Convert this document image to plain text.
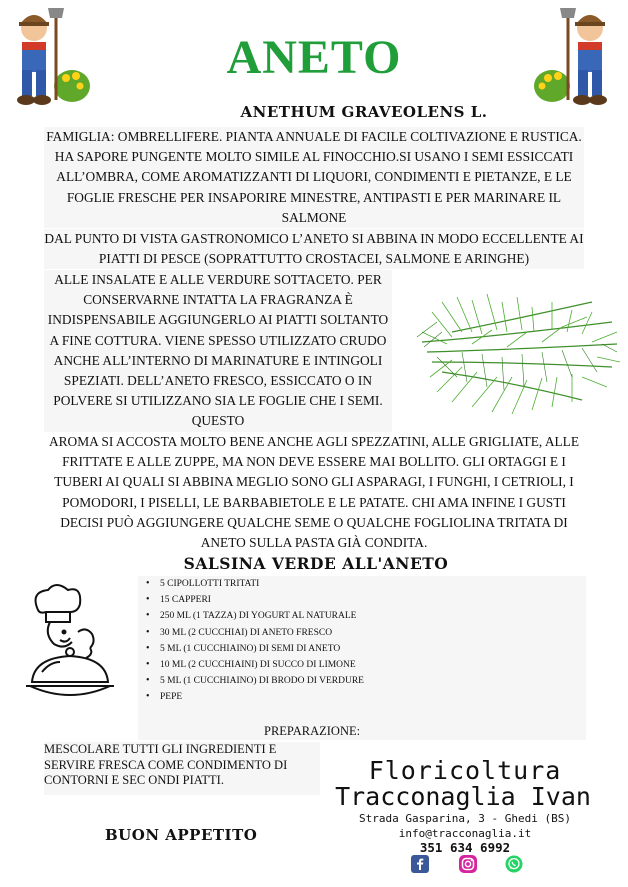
ANETO
ANETHUM GRAVEOLENS L.
FAMIGLIA: OMBRELLIFERE. PIANTA ANNUALE DI FACILE COLTIVAZIONE E RUSTICA. HA SAPORE PUNGENTE MOLTO SIMILE AL FINOCCHIO.SI USANO I SEMI ESSICCATI ALL’OMBRA, COME AROMATIZZANTI DI LIQUORI, CONDIMENTI E PIETANZE, E LE FOGLIE FRESCHE PER INSAPORIRE MINESTRE, ANTIPASTI E PER MARINARE IL SALMONE
DAL PUNTO DI VISTA GASTRONOMICO L’ANETO SI ABBINA IN MODO ECCELLENTE AI PIATTI DI PESCE (SOPRATTUTTO CROSTACEI, SALMONE E ARINGHE)
ALLE INSALATE E ALLE VERDURE SOTTACETO. PER CONSERVARNE INTATTA LA FRAGRANZA È INDISPENSABILE AGGIUNGERLO AI PIATTI SOLTANTO A FINE COTTURA. VIENE SPESSO UTILIZZATO CRUDO ANCHE ALL’INTERNO DI MARINATURE E INTINGOLI SPEZIATI. DELL’ANETO FRESCO, ESSICCATO O IN POLVERE SI UTILIZZANO SIA LE FOGLIE CHE I SEMI. QUESTO
AROMA SI ACCOSTA MOLTO BENE ANCHE AGLI SPEZZATINI, ALLE GRIGLIATE, ALLE FRITTATE E ALLE ZUPPE, MA NON DEVE ESSERE MAI BOLLITO. GLI ORTAGGI E I TUBERI AI QUALI SI ABBINA MEGLIO SONO GLI ASPARAGI, I FUNGHI, I CETRIOLI, I POMODORI, I PISELLI, LE BARBABIETOLE E LE PATATE. CHI AMA INFINE I GUSTI DECISI PUÒ AGGIUNGERE QUALCHE SEME O QUALCHE FOGLIOLINA TRITATA DI ANETO SULLA PASTA GIÀ CONDITA.
SALSINA VERDE ALL'ANETO
• 5 CIPOLLOTTI TRITATI
• 15 CAPPERI
• 250 ML (1 TAZZA) DI YOGURT AL NATURALE
• 30 ML (2 CUCCHIAI) DI ANETO FRESCO
• 5 ML (1 CUCCHIAINO) DI SEMI DI ANETO
• 10 ML (2 CUCCHIAINI) DI SUCCO DI LIMONE
• 5 ML (1 CUCCHIAINO) DI BRODO DI VERDURE
• PEPE
PREPARAZIONE:
MESCOLARE TUTTI GLI INGREDIENTI E SERVIRE FRESCA COME CONDIMENTO DI CONTORNI E SEC ONDI PIATTI.
BUON APPETITO
Floricoltura
Tracconaglia Ivan
Strada Gasparina, 3 - Ghedi (BS)
info@tracconaglia.it
351 634 6992
